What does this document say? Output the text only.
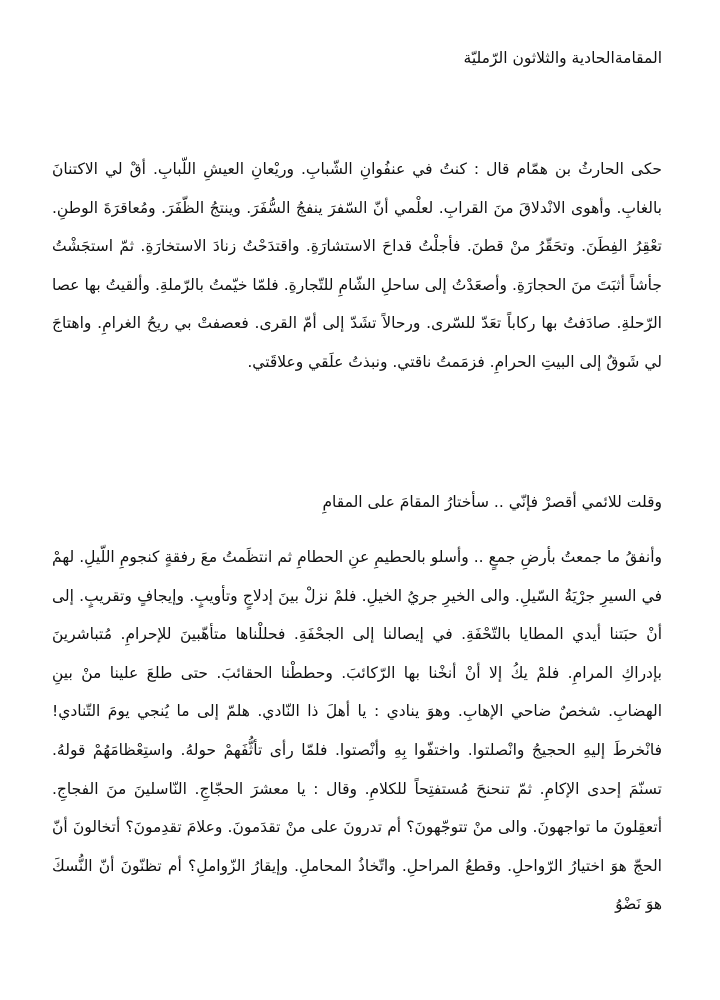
المقامةالحادية والثلاثون الرّمليّة

حكى الحارثُ بن همّام قال : كنتُ في عنفُوانِ الشّبابِ. وريْعانِ العيشِ اللّبابِ. أقْ لي الاكتنانَ بالغابِ. وأهوى الانْدلاقَ منَ القرابِ. لعلْمي أنّ السّفرَ ينفجُ السُّفَرَ. وينتجُ الظّفَرَ. ومُعاقرَةَ الوطنِ. تعْقِرُ الفِطَنَ. وتحَقّرُ منْ قطنَ. فأجلْتُ قداحَ الاستشارَةِ. واقتدَحْتُ زنادَ الاستخارَةِ. ثمّ استجَشْتُ جأشاً أثبَتَ منَ الحجارَةِ. وأصعَدْتُ إلى ساحلِ الشّامِ للتّجارةِ. فلمّا خيّمتُ بالرّملةِ. وألقيتُ بها عصا الرّحلةِ. صادَفتُ بها ركاباً تعَدّ للسّرى. ورحالاً تشَدّ إلى أمّ القرى. فعصفتْ بي ريحُ الغرامِ. واهتاجَ لي شَوقٌ إلى البيتِ الحرامِ. فزمَمتُ ناقتي. ونبذتُ علَقي وعلاقَتي.

وقلت للائمي أقصرْ فإنّي .. سأختارُ المقامَ على المقامِ

وأنفقُ ما جمعتُ بأرضِ جمعٍ .. وأسلو بالحطيمِ عنِ الحطامِ ثم انتظَمتُ معَ رفقةٍ كنجومِ اللّيلِ. لهمْ في السيرِ جرْيَةُ السّيلِ. والى الخيرِ جريُ الخيلِ. فلمْ نزلْ بينَ إدلاجٍ وتأويبٍ. وإيجافٍ وتقريبٍ. إلى أنْ حبَتنا أيدي المطايا بالتّحْفَةِ. في إيصالنا إلى الجحْفَةِ. فحللْناها متأهّبينَ للإحرامِ. مُتباشرينَ بإدراكِ المرامِ. فلمْ يكُ إلا أنْ أنخْنا بها الرّكائبَ. وحططْنا الحقائبَ. حتى طلعَ علينا منْ بينِ الهضابِ. شخصٌ ضاحي الإهابِ. وهوَ ينادي : يا أهلَ ذا النّادي. هلمّ إلى ما يُنجي يومَ التّنادي! فانْخرطَ إليهِ الحجيجُ وانْصلتوا. واختفّوا بِهِ وأنْصتوا. فلمّا رأى تأثُّفَهمْ حولهُ. واستِعْظامَهُمْ قولهُ. تسنّمَ إحدى الإكامِ. ثمّ تنحنحَ مُستفتِحاً للكلامِ. وقال : يا معشرَ الحجّاجِ. النّاسلينَ منَ الفجاجِ. أتعقِلونَ ما تواجهونَ. والى منْ تتوجّهونَ؟ أم تدرونَ على منْ تقدَمونَ. وعلامَ تقدِمونَ؟ أتخالونَ أنّ الحجّ هوَ اختيارُ الرّواحلِ. وقطعُ المراحلِ. واتّخاذُ المحاملِ. وإيقارُ الزّواملِ؟ أم تظنّونَ أنّ النُّسكَ هوَ نَضْوُ
